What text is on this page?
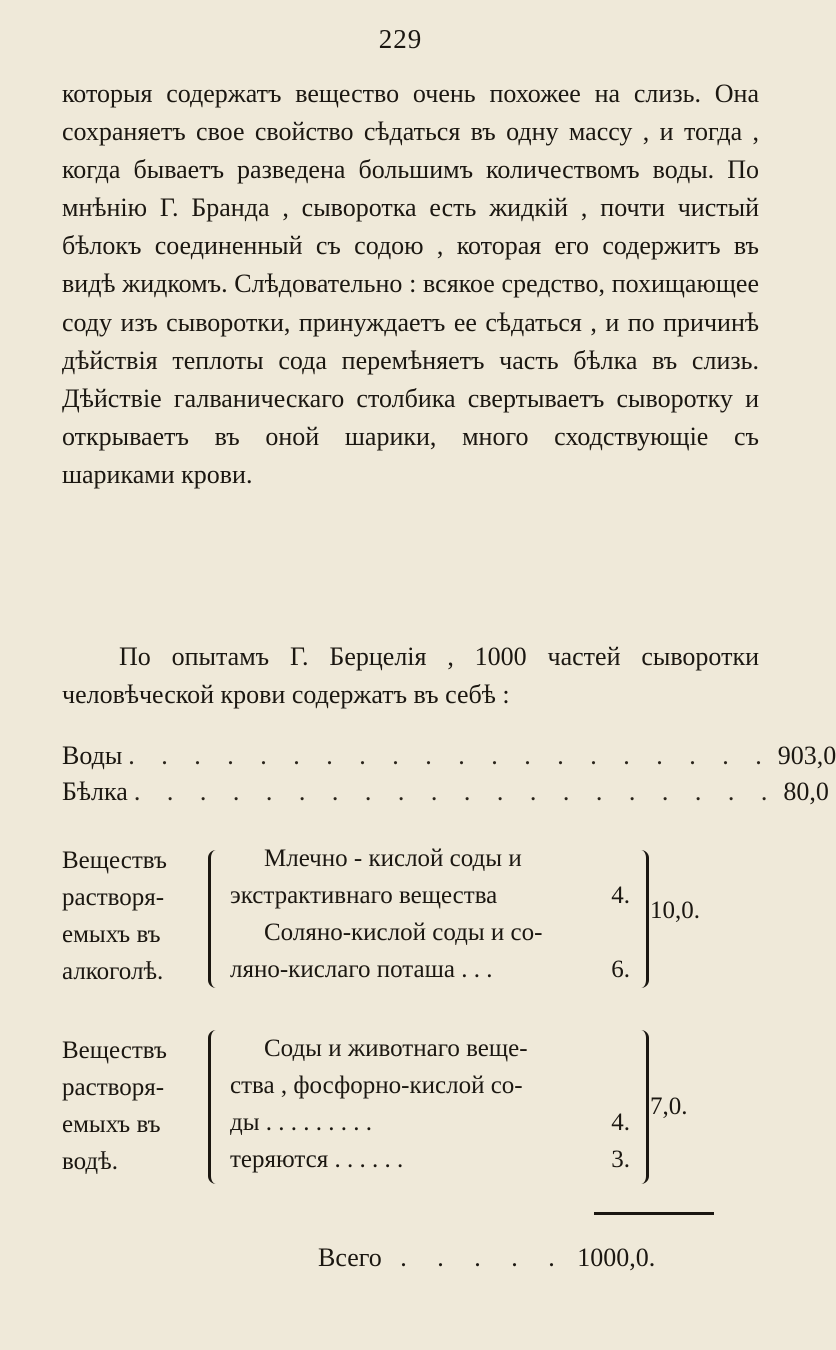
229

которыя содержатъ вещество очень похожее на слизь. Она сохраняетъ свое свойство сѣдаться въ одну массу , и тогда , когда бываетъ разведена большимъ количествомъ воды. По мнѣнію Г. Бранда , сыворотка есть жидкій , почти чистый бѣлокъ соединенный съ содою , которая его содержитъ въ видѣ жидкомъ. Слѣдовательно : всякое средство, похищающее соду изъ сыворотки, принуждаетъ ее сѣдаться , и по причинѣ дѣйствія теплоты сода перемѣняетъ часть бѣлка въ слизь. Дѣйствіе галваническаго столбика свертываетъ сыворотку и открываетъ въ оной шарики, много сходствующіе съ шариками крови.

По опытамъ Г. Берцелія , 1000 частей сыворотки человѣческой крови содержатъ въ себѣ :

Воды . . . . . . . . . . . . . . . . . . . . 903,0
Бѣлка . . . . . . . . . . . . . . . . . . . . 80,0
Веществъ
растворя-
емыхъ въ
алкоголѣ.
Млечно - кислой соды и
экстрактивнаго вещества	4.
Соляно-кислой соды и со-
ляно-кислаго поташа . . .	6.
10,0.
Веществъ
растворя-
емыхъ въ
водѣ.
Соды и животнаго веще-
ства , фосфорно-кислой со-
ды . . . . . . . . .	4.
теряются . . . . . .	3.
7,0.
Всего . . . . . 1000,0.
